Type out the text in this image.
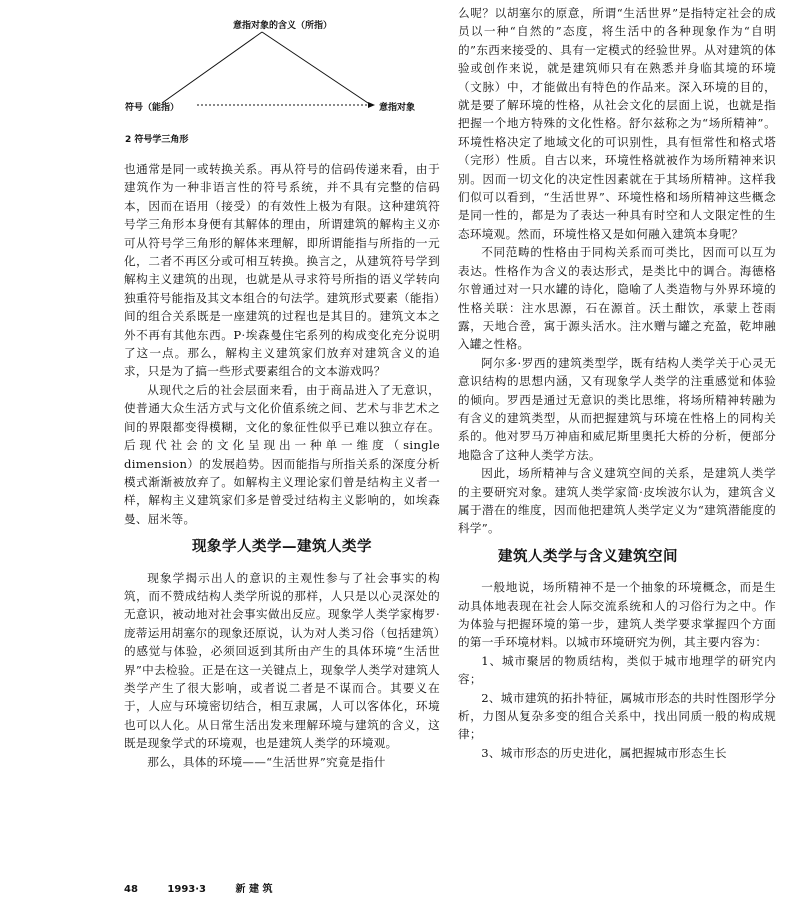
意指对象的含义（所指）
符号（能指）	意指对象
2 符号学三角形

也通常是同一或转换关系。再从符号的信码传递来看，由于建筑作为一种非语言性的符号系统，并不具有完整的信码本，因而在语用（接受）的有效性上极为有限。这种建筑符号学三角形本身便有其解体的理由，所谓建筑的解构主义亦可从符号学三角形的解体来理解，即所谓能指与所指的一元化，二者不再区分或可相互转换。换言之，从建筑符号学到解构主义建筑的出现，也就是从寻求符号所指的语义学转向独重符号能指及其文本组合的句法学。建筑形式要素（能指）间的组合关系既是一座建筑的过程也是其目的。建筑文本之外不再有其他东西。P·埃森曼住宅系列的构成变化充分说明了这一点。那么，解构主义建筑家们放弃对建筑含义的追求，只是为了搞一些形式要素组合的文本游戏吗？

从现代之后的社会层面来看，由于商品进入了无意识，使普通大众生活方式与文化价值系统之间、艺术与非艺术之间的界限都变得模糊，文化的象征性似乎已难以独立存在。后现代社会的文化呈现出一种单一维度（single dimension）的发展趋势。因而能指与所指关系的深度分析模式渐渐被放弃了。如解构主义理论家们曾是结构主义者一样，解构主义建筑家们多是曾受过结构主义影响的，如埃森曼、屈米等。

现象学人类学—建筑人类学

现象学揭示出人的意识的主观性参与了社会事实的构筑，而不赞成结构人类学所说的那样，人只是以心灵深处的无意识，被动地对社会事实做出反应。现象学人类学家梅罗·庞蒂运用胡塞尔的现象还原说，认为对人类习俗（包括建筑）的感觉与体验，必须回返到其所由产生的具体环境“生活世界”中去检验。正是在这一关键点上，现象学人类学对建筑人类学产生了很大影响，或者说二者是不谋而合。其要义在于，人应与环境密切结合，相互隶属，人可以客体化，环境也可以人化。从日常生活出发来理解环境与建筑的含义，这既是现象学式的环境观，也是建筑人类学的环境观。

那么，具体的环境——“生活世界”究竟是指什

么呢？以胡塞尔的原意，所谓“生活世界”是指特定社会的成员以一种“自然的”态度，将生活中的各种现象作为“自明的”东西来接受的、具有一定模式的经验世界。从对建筑的体验或创作来说，就是建筑师只有在熟悉并身临其境的环境（文脉）中，才能做出有特色的作品来。深入环境的目的，就是要了解环境的性格，从社会文化的层面上说，也就是指把握一个地方特殊的文化性格。舒尔兹称之为“场所精神”。环境性格决定了地域文化的可识别性，具有恒常性和格式塔（完形）性质。自古以来，环境性格就被作为场所精神来识别。因而一切文化的决定性因素就在于其场所精神。这样我们似可以看到，“生活世界”、环境性格和场所精神这些概念是同一性的，都是为了表达一种具有时空和人文限定性的生态环境观。然而，环境性格又是如何融入建筑本身呢？

不同范畴的性格由于同构关系而可类比，因而可以互为表达。性格作为含义的表达形式，是类比中的调合。海德格尔曾通过对一只水罐的诗化，隐喻了人类造物与外界环境的性格关联：注水思源，石在源首。沃土酣饮，承蒙上苍雨露，天地合卺，寓于源头活水。注水赠与罐之充盈，乾坤融入罐之性格。

阿尔多·罗西的建筑类型学，既有结构人类学关于心灵无意识结构的思想内涵，又有现象学人类学的注重感觉和体验的倾向。罗西是通过无意识的类比思维，将场所精神转融为有含义的建筑类型，从而把握建筑与环境在性格上的同构关系的。他对罗马万神庙和威尼斯里奥托大桥的分析，便部分地隐含了这种人类学方法。

因此，场所精神与含义建筑空间的关系，是建筑人类学的主要研究对象。建筑人类学家简·皮埃波尔认为，建筑含义属于潜在的维度，因而他把建筑人类学定义为“建筑潜能度的科学”。

建筑人类学与含义建筑空间

一般地说，场所精神不是一个抽象的环境概念，而是生动具体地表现在社会人际交流系统和人的习俗行为之中。作为体验与把握环境的第一步，建筑人类学要求掌握四个方面的第一手环境材料。以城市环境研究为例，其主要内容为：

1、城市聚居的物质结构，类似于城市地理学的研究内容；

2、城市建筑的拓扑特征，属城市形态的共时性图形学分析，力图从复杂多变的组合关系中，找出同质一般的构成规律；

3、城市形态的历史进化，属把握城市形态生长

48	1993·3	新 建 筑
